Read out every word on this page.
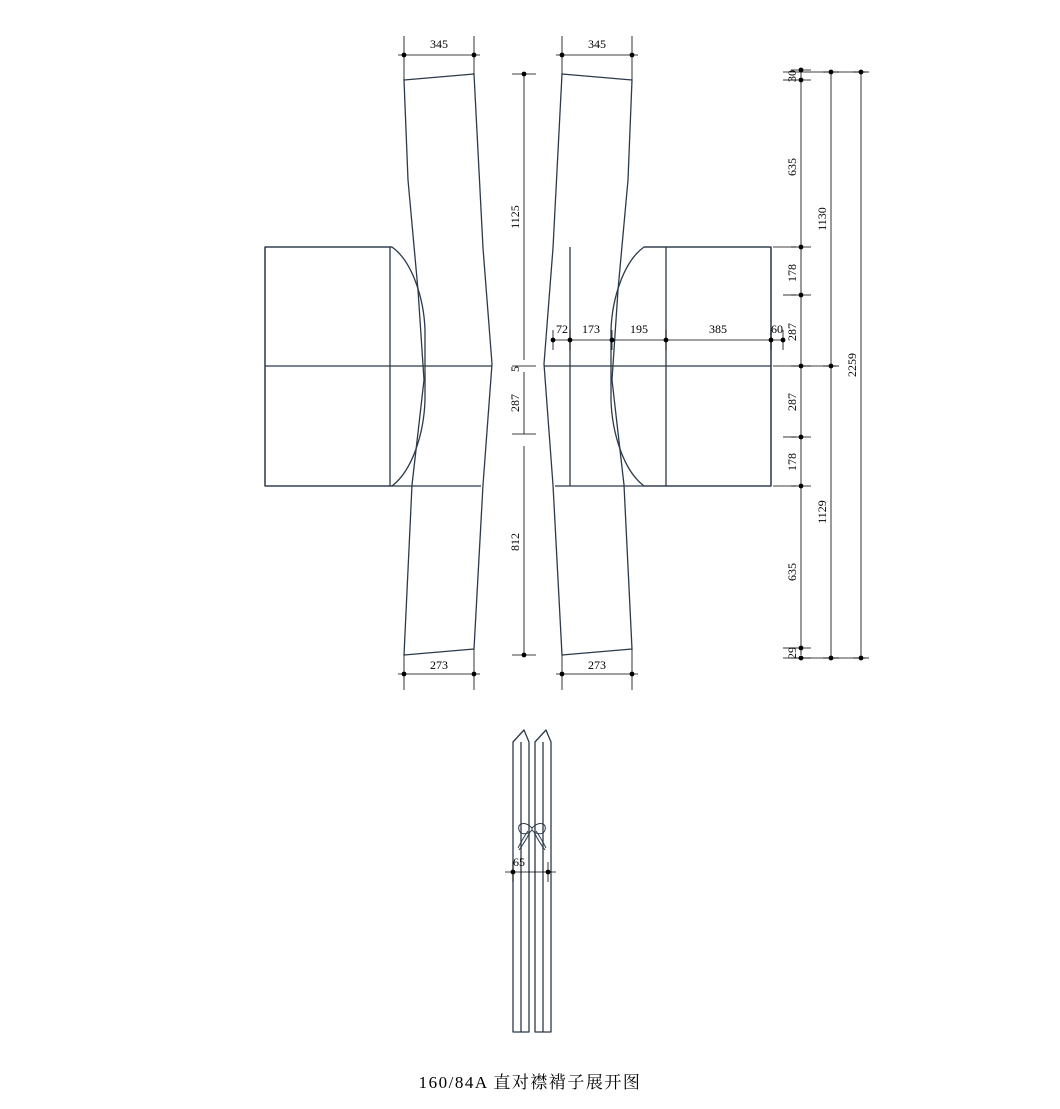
345	345
273	273
1125
5
287
812
72 173	195	385	60
30
635
178
287
287
178
635
29
1130
1129
2259
65
160/84A 直对襟褙子展开图
